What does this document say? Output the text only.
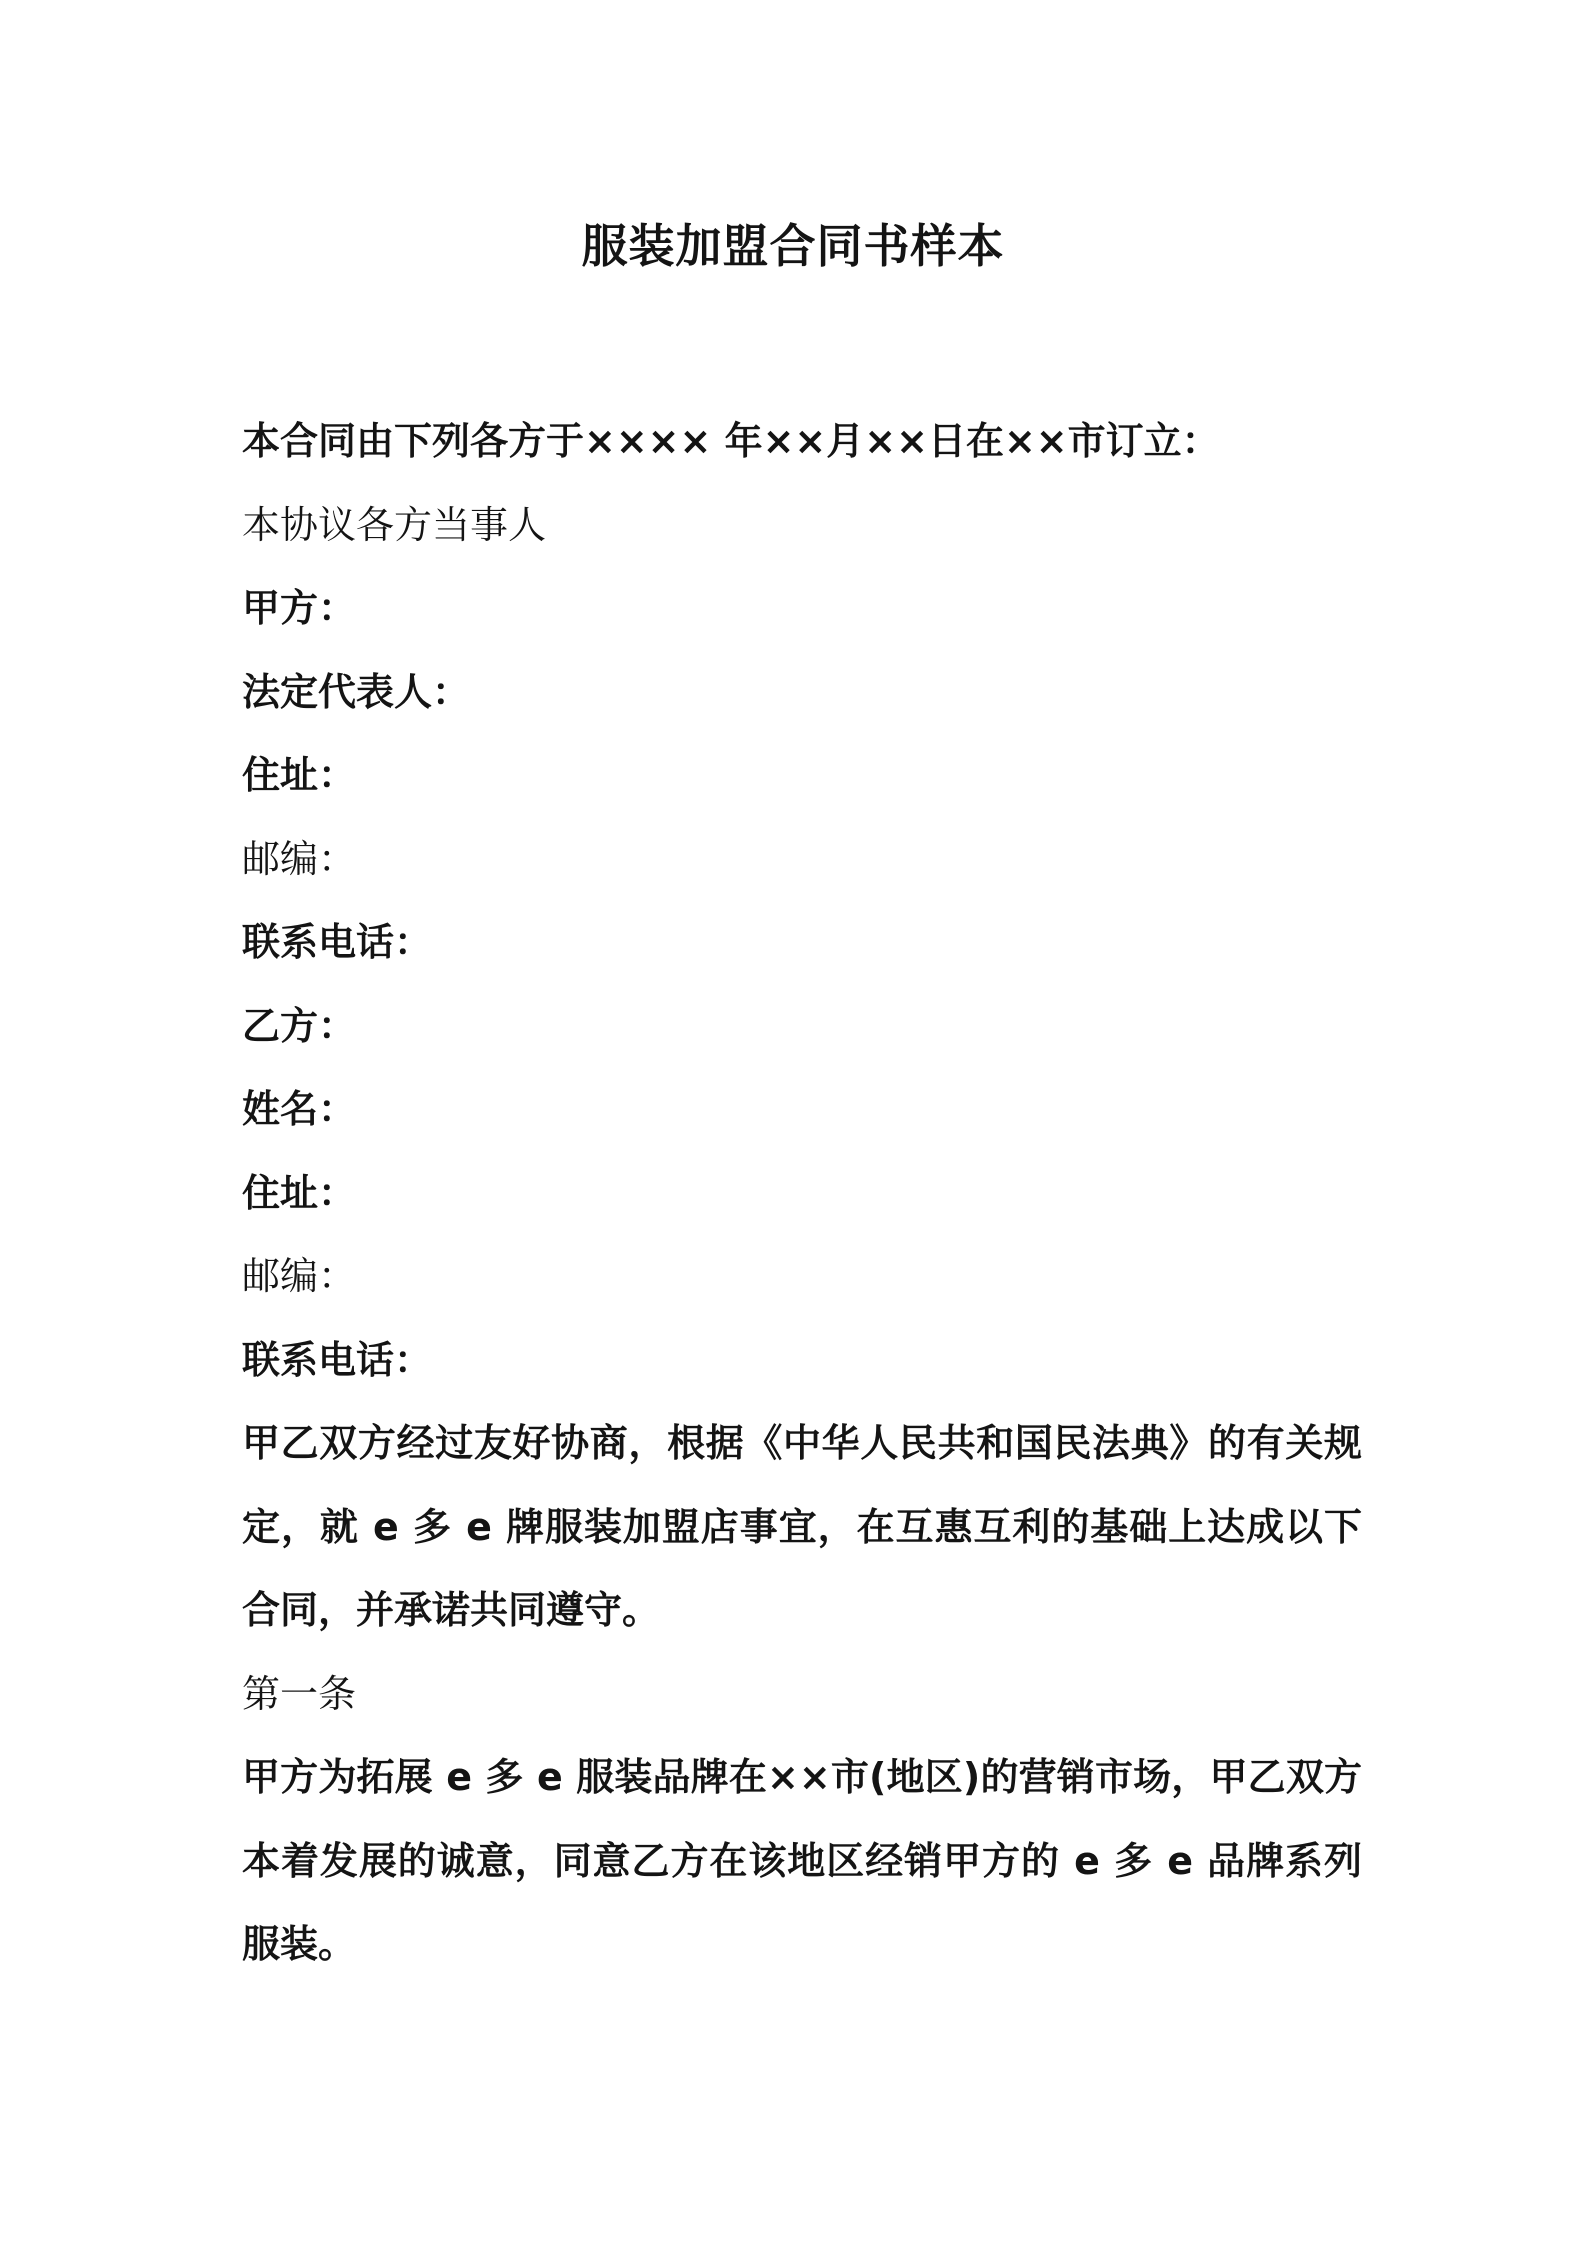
服装加盟合同书样本
本合同由下列各方于×××× 年××月××日在××市订立：
本协议各方当事人
甲方：
法定代表人：
住址：
邮编：
联系电话：
乙方：
姓名：
住址：
邮编：
联系电话：
甲乙双方经过友好协商，根据《中华人民共和国民法典》的有关规定，就 e 多 e 牌服装加盟店事宜，在互惠互利的基础上达成以下合同，并承诺共同遵守。
第一条
甲方为拓展 e 多 e 服装品牌在××市(地区)的营销市场，甲乙双方本着发展的诚意，同意乙方在该地区经销甲方的 e 多 e 品牌系列服装。
